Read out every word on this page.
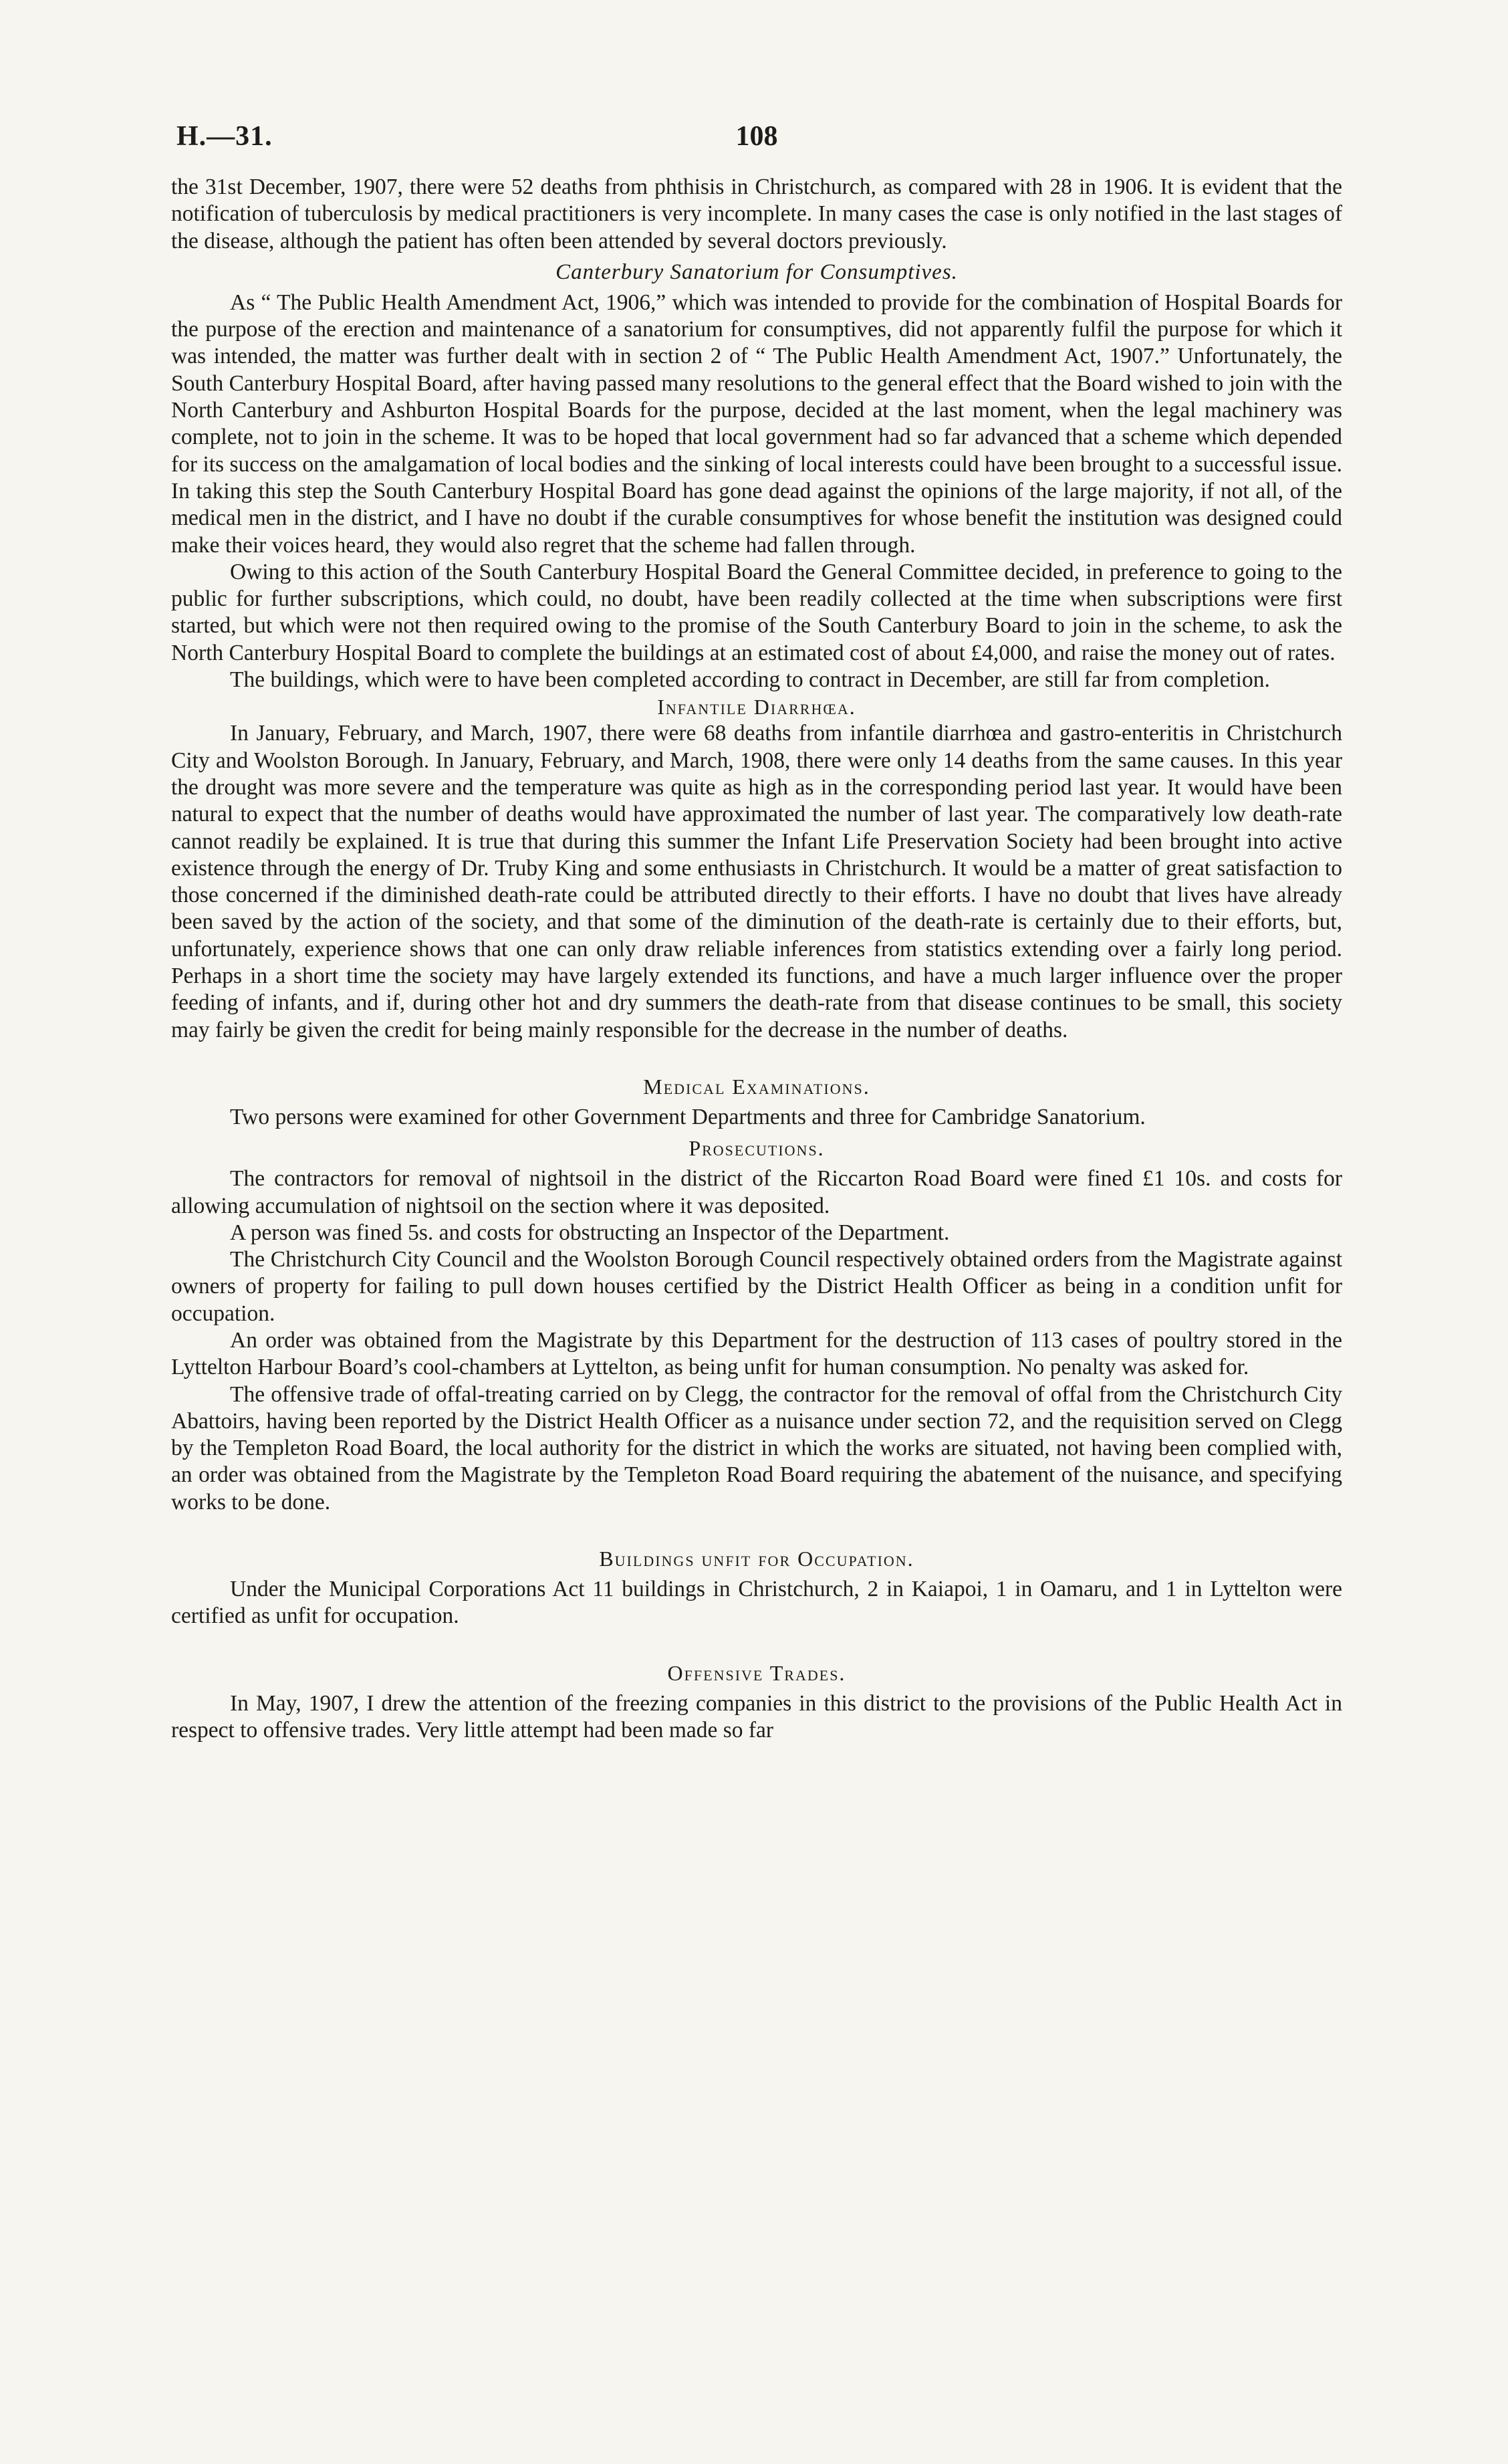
H.—31.	108

the 31st December, 1907, there were 52 deaths from phthisis in Christchurch, as compared with 28 in 1906. It is evident that the notification of tuberculosis by medical practitioners is very incomplete. In many cases the case is only notified in the last stages of the disease, although the patient has often been attended by several doctors previously.

Canterbury Sanatorium for Consumptives.

As “ The Public Health Amendment Act, 1906,” which was intended to provide for the combination of Hospital Boards for the purpose of the erection and maintenance of a sanatorium for consumptives, did not apparently fulfil the purpose for which it was intended, the matter was further dealt with in section 2 of “ The Public Health Amendment Act, 1907.” Unfortunately, the South Canterbury Hospital Board, after having passed many resolutions to the general effect that the Board wished to join with the North Canterbury and Ashburton Hospital Boards for the purpose, decided at the last moment, when the legal machinery was complete, not to join in the scheme. It was to be hoped that local government had so far advanced that a scheme which depended for its success on the amalgamation of local bodies and the sinking of local interests could have been brought to a successful issue. In taking this step the South Canterbury Hospital Board has gone dead against the opinions of the large majority, if not all, of the medical men in the district, and I have no doubt if the curable consumptives for whose benefit the institution was designed could make their voices heard, they would also regret that the scheme had fallen through.

Owing to this action of the South Canterbury Hospital Board the General Committee decided, in preference to going to the public for further subscriptions, which could, no doubt, have been readily collected at the time when subscriptions were first started, but which were not then required owing to the promise of the South Canterbury Board to join in the scheme, to ask the North Canterbury Hospital Board to complete the buildings at an estimated cost of about £4,000, and raise the money out of rates.

The buildings, which were to have been completed according to contract in December, are still far from completion.

Infantile Diarrhœa.

In January, February, and March, 1907, there were 68 deaths from infantile diarrhœa and gastro-enteritis in Christchurch City and Woolston Borough. In January, February, and March, 1908, there were only 14 deaths from the same causes. In this year the drought was more severe and the temperature was quite as high as in the corresponding period last year. It would have been natural to expect that the number of deaths would have approximated the number of last year. The comparatively low death-rate cannot readily be explained. It is true that during this summer the Infant Life Preservation Society had been brought into active existence through the energy of Dr. Truby King and some enthusiasts in Christchurch. It would be a matter of great satisfaction to those concerned if the diminished death-rate could be attributed directly to their efforts. I have no doubt that lives have already been saved by the action of the society, and that some of the diminution of the death-rate is certainly due to their efforts, but, unfortunately, experience shows that one can only draw reliable inferences from statistics extending over a fairly long period. Perhaps in a short time the society may have largely extended its functions, and have a much larger influence over the proper feeding of infants, and if, during other hot and dry summers the death-rate from that disease continues to be small, this society may fairly be given the credit for being mainly responsible for the decrease in the number of deaths.

Medical Examinations.

Two persons were examined for other Government Departments and three for Cambridge Sanatorium.

Prosecutions.

The contractors for removal of nightsoil in the district of the Riccarton Road Board were fined £1 10s. and costs for allowing accumulation of nightsoil on the section where it was deposited.

A person was fined 5s. and costs for obstructing an Inspector of the Department.

The Christchurch City Council and the Woolston Borough Council respectively obtained orders from the Magistrate against owners of property for failing to pull down houses certified by the District Health Officer as being in a condition unfit for occupation.

An order was obtained from the Magistrate by this Department for the destruction of 113 cases of poultry stored in the Lyttelton Harbour Board’s cool-chambers at Lyttelton, as being unfit for human consumption. No penalty was asked for.

The offensive trade of offal-treating carried on by Clegg, the contractor for the removal of offal from the Christchurch City Abattoirs, having been reported by the District Health Officer as a nuisance under section 72, and the requisition served on Clegg by the Templeton Road Board, the local authority for the district in which the works are situated, not having been complied with, an order was obtained from the Magistrate by the Templeton Road Board requiring the abatement of the nuisance, and specifying works to be done.

Buildings unfit for Occupation.

Under the Municipal Corporations Act 11 buildings in Christchurch, 2 in Kaiapoi, 1 in Oamaru, and 1 in Lyttelton were certified as unfit for occupation.

Offensive Trades.

In May, 1907, I drew the attention of the freezing companies in this district to the provisions of the Public Health Act in respect to offensive trades. Very little attempt had been made so far
